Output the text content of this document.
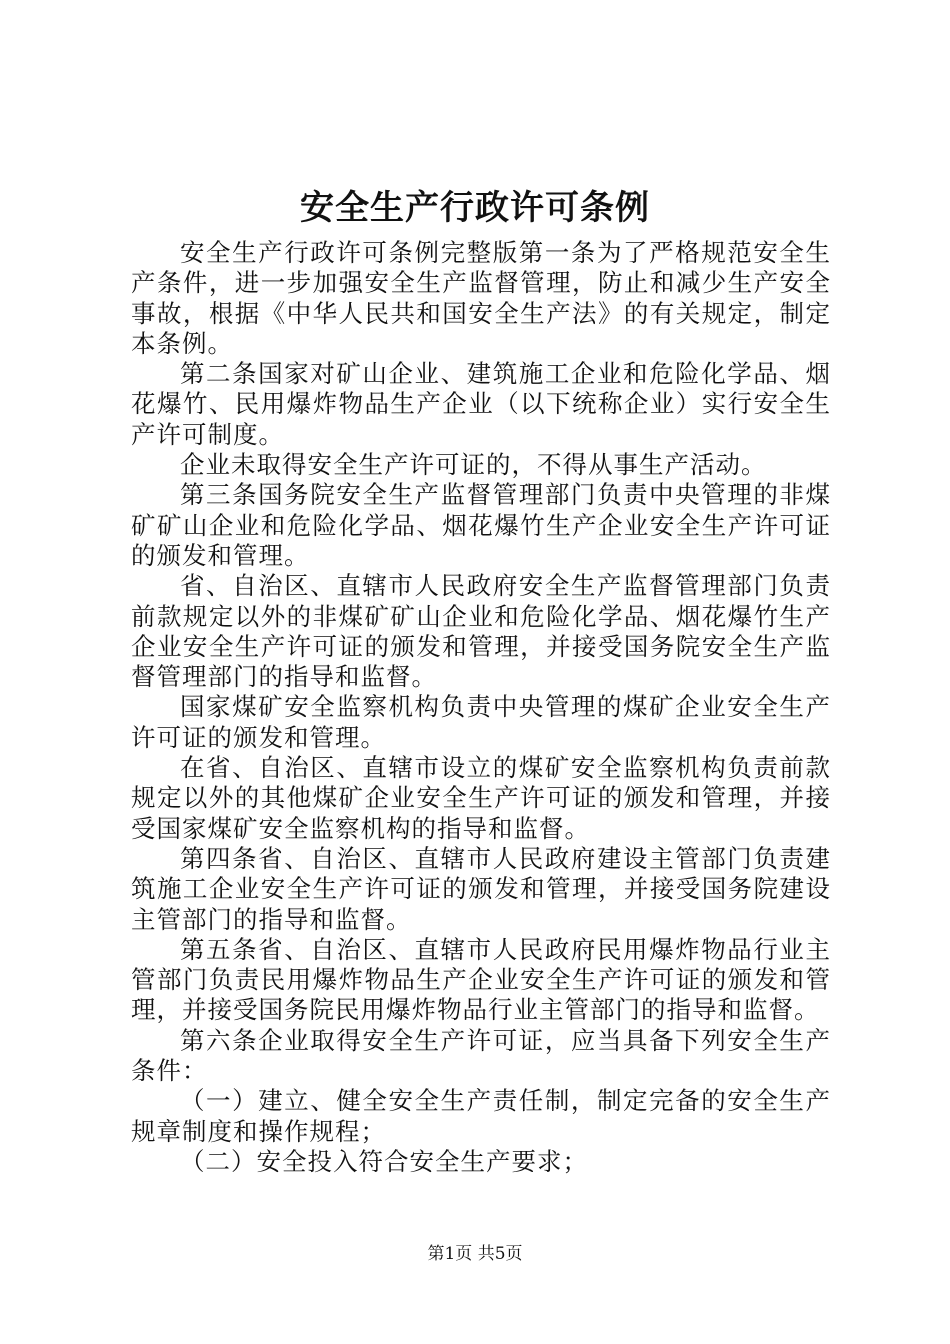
安全生产行政许可条例

安全生产行政许可条例完整版第一条为了严格规范安全生产条件，进一步加强安全生产监督管理，防止和减少生产安全事故，根据《中华人民共和国安全生产法》的有关规定，制定本条例。

第二条国家对矿山企业、建筑施工企业和危险化学品、烟花爆竹、民用爆炸物品生产企业（以下统称企业）实行安全生产许可制度。

企业未取得安全生产许可证的，不得从事生产活动。

第三条国务院安全生产监督管理部门负责中央管理的非煤矿矿山企业和危险化学品、烟花爆竹生产企业安全生产许可证的颁发和管理。

省、自治区、直辖市人民政府安全生产监督管理部门负责前款规定以外的非煤矿矿山企业和危险化学品、烟花爆竹生产企业安全生产许可证的颁发和管理，并接受国务院安全生产监督管理部门的指导和监督。

国家煤矿安全监察机构负责中央管理的煤矿企业安全生产许可证的颁发和管理。

在省、自治区、直辖市设立的煤矿安全监察机构负责前款规定以外的其他煤矿企业安全生产许可证的颁发和管理，并接受国家煤矿安全监察机构的指导和监督。

第四条省、自治区、直辖市人民政府建设主管部门负责建筑施工企业安全生产许可证的颁发和管理，并接受国务院建设主管部门的指导和监督。

第五条省、自治区、直辖市人民政府民用爆炸物品行业主管部门负责民用爆炸物品生产企业安全生产许可证的颁发和管理，并接受国务院民用爆炸物品行业主管部门的指导和监督。

第六条企业取得安全生产许可证，应当具备下列安全生产条件：

（一）建立、健全安全生产责任制，制定完备的安全生产规章制度和操作规程；

（二）安全投入符合安全生产要求；

第1页 共5页
